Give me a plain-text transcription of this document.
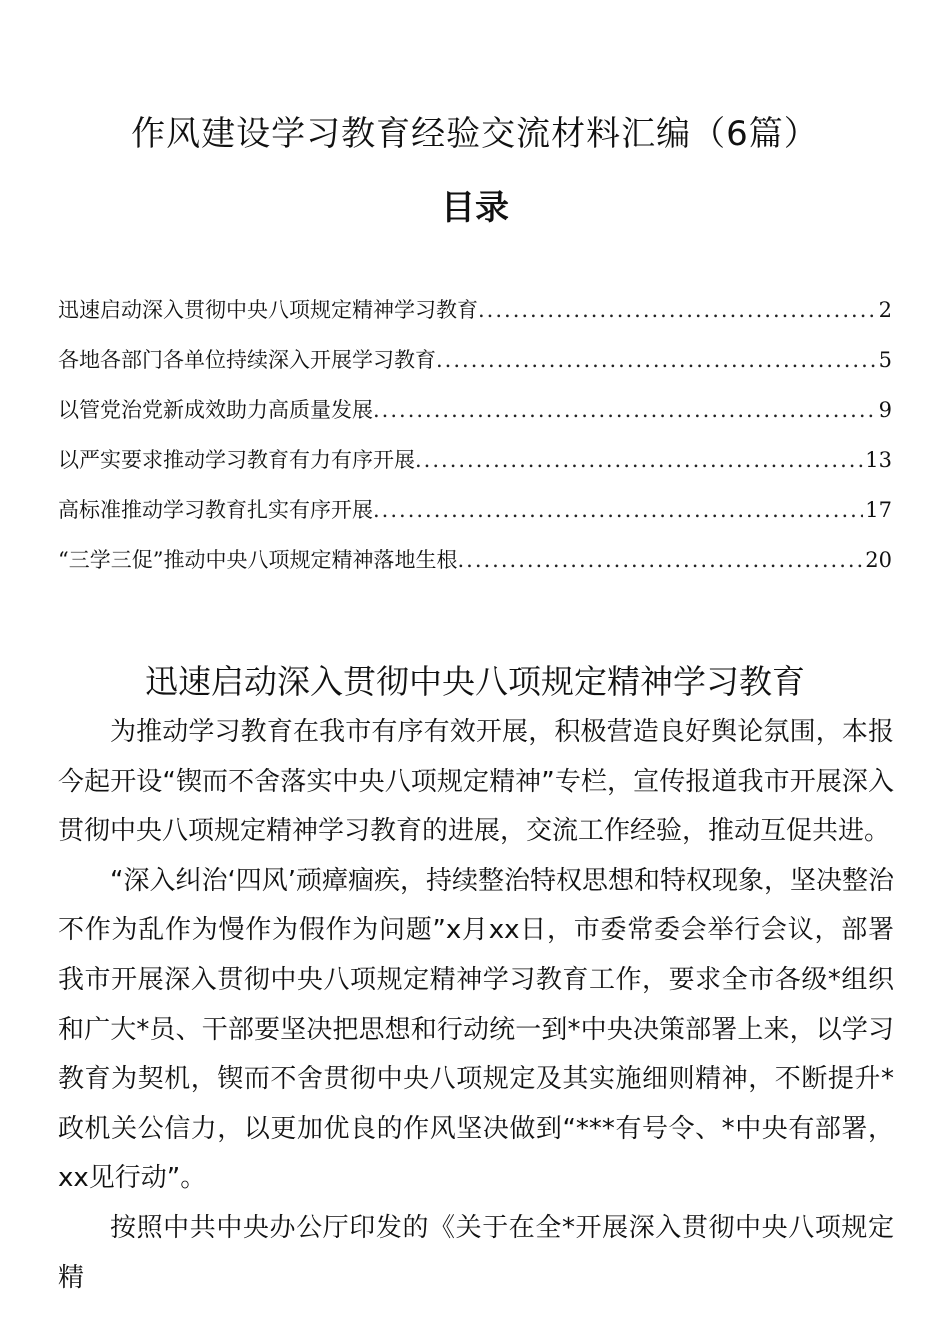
作风建设学习教育经验交流材料汇编（6篇）
目录
迅速启动深入贯彻中央八项规定精神学习教育 .....	2
各地各部门各单位持续深入开展学习教育 .....	5
以管党治党新成效助力高质量发展 .....	9
以严实要求推动学习教育有力有序开展 .....	13
高标准推动学习教育扎实有序开展 .....	17
“三学三促”推动中央八项规定精神落地生根 .....	20
迅速启动深入贯彻中央八项规定精神学习教育

为推动学习教育在我市有序有效开展，积极营造良好舆论氛围，本报今起开设“锲而不舍落实中央八项规定精神”专栏，宣传报道我市开展深入贯彻中央八项规定精神学习教育的进展，交流工作经验，推动互促共进。

“深入纠治‘四风’顽瘴痼疾，持续整治特权思想和特权现象，坚决整治不作为乱作为慢作为假作为问题”x月xx日，市委常委会举行会议，部署我市开展深入贯彻中央八项规定精神学习教育工作，要求全市各级*组织和广大*员、干部要坚决把思想和行动统一到*中央决策部署上来，以学习教育为契机，锲而不舍贯彻中央八项规定及其实施细则精神，不断提升*政机关公信力，以更加优良的作风坚决做到“***有号令、*中央有部署，xx见行动”。

按照中共中央办公厅印发的《关于在全*开展深入贯彻中央八项规定精
